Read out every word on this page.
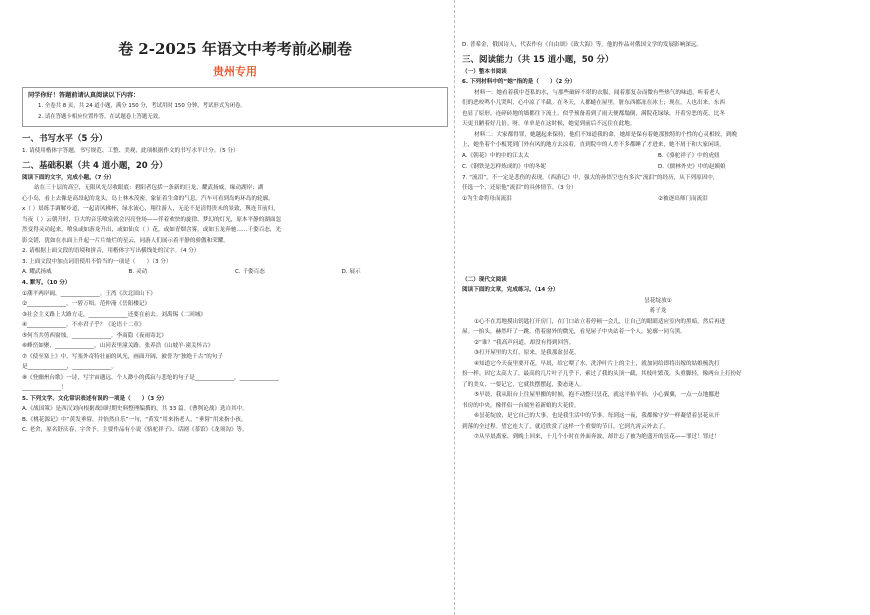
卷 2-2025 年语文中考考前必刷卷
贵州专用
同学你好！答题前请认真阅读以下内容：
1. 全卷共 8 页，共 24 道小题，满分 150 分，考试用时 150 分钟，考试形式为闭卷。
2. 请在答题卡相应位置作答，在试题卷上答题无效。
一、书写水平（5 分）
1. 请使用楷体字答题，书写规范、工整、美观，此项根据作文的书写水平计分。（5 分）
二、基础积累（共 4 道小题，20 分）
阅读下面的文字，完成小题。（7 分）
站在三十层的高空，无限风光尽收眼底：碧阳者包括一条新的巨龙，耀武扬威，缘动湖岸；湖
心小岛，看上去像是高昂起的龙头，岛上林木茂密，象征着生命的气息。汽车可看到岛屿环岛的轮廓，
x（ ）晨练手调解步道，一起清风拂杯，绿水流心，翔往游人，无论不是清得贵未的景致，舆连节前归，
当夜（ ）云朝升时，巨大的音乐喷泉就会闪亮登场——伴着欢快的旋律、梦幻的灯光，原本平静的湖面忽
然变得灵动起来，喷泉或如游龙升出，或如仙女（ ）花，或如青烟含雾，或如玉龙奔驰……千姿百态，光
影交错，犹如在水面上升起一片片灿烂的星云，同游人们展示着平静的骄傲和荣耀。
2. 请根据上面文段的语境和拼音，用楷体字写出横线处的汉字。（4 分）
3. 上面文段中加点词语使用不恰当的一项是（　　）（3 分）
A. 耀武扬威	B. 灵动	C. 千姿百态	D. 展示
4. 默写。（10 分）
①潮平两岸阔，______________。王湾《次北固山下》
②______________，一碧万顷。范仲淹《岳阳楼记》
③社会主义路上大路方走，______________还要在前去。刘禹锡《二回城》
④______________，不亦君子乎？《论语十二章》
⑤何当共剪西窗烛，______________。李商隐《夜雨寄北》
⑥峰峦如聚，______________，山河表里潼关路。张养浩《山坡羊·潼关怀古》
⑦《使至塞上》中，写塞外奇特壮丽的风光，画面开阔，被誉为“独绝千古”的句子
是______________，______________。
⑧《登幽州台歌》一诗，写宇宙邈远、个人渺小的孤寂与悲怆的句子是______________，______________
______________！
5. 下列文学、文化常识表述有误的一项是（　　）（3 分）
A.《战国策》是西汉刘向根据战国时期史料整理编撰的，共 33 篇。《曹刿论战》选自其中。
B.《桃花源记》中“黄发垂髫，并怡然自乐”一句，“黄发”用来指老人，“垂髫”用来指小孩。
C. 老舍，原名舒庆春，字舍予。主要作品有小说《骆驼祥子》、话剧《茶馆》《龙须沟》等。
D. 普希金，俄国诗人，代表作有《自由颂》《致大海》等。他的作品对俄国文学的发展影响深远。
三、阅读能力（共 15 道小题，50 分）
（一）整本书阅读
6. 下列材料中的“她”指的是（　　）（2 分）
材料一：她看着我中苍私的水，与那些破碎不堪的衣服，闻着那复杂而微有些热气的味道，听着老人
们的恶咬鸣小儿哭叫，心中凉了半截。在冬天，人都蜷在屋里，脏东西都冻在冰上；现在，人也出来，东西
也显了原形，连碎砖地的墙都往下流土，似乎预备着到了雨天便都塌倒，满院花绿绿，开着穷恶的花，比冬
天更丑陋着好几倍。呀，单单是在这时候，她觉到前后不远住在此地。
材料二：大家都得罪，她越起来保持，他们不知道我的命，她却是保有着她那独特的个性的心灵相较，到晚
上，她坐着个小板凳到门外有风的地方去凉着，直到院中的人差不多都睡了才进来，她不屑于和大家闲谈。
A.《朝花》中的中的江太太	B.《骆驼祥子》中的虎妞
C.《钢铁是怎样炼成的》中的冬妮	D.《儒林外史》中的赵姨娘
7. “流泪”，不一定是悲伤的表现。《西游记》中，强大的孙悟空也有多次“流泪”的经历，从下列原因中，
任选一个，还原他“流泪”的具体情节。（3 分）
①为生命将母而流泪	②被逐出师门而流泪
（二）现代文阅读
阅读下面的文章，完成练习。（14 分）
昙花绽放①
蒋子龙
①心不在焉地摸出钥匙打开房门，在门口站立着停顿一会儿，让自己的眼睛适应室内的黑暗，然后再进
屋。一抬头，赫然吓了一跳，借着窗外的微光，看见屋子中央站着一个人，轮廓一同乌黑。
②“谁？”我高声问道，却没有得到回答。
③打开屋里的大灯，原来，是我那盆昙花。
④知道它今天夜里要开花，早晨，给它喂了水，洗净叶片上的尘土，就加同给即将出嫁的姑娘梳洗打
扮一样。因它太高大了，最高的几片叶子几乎下，索过了我的头顶一截，其枝叶繁茂，头重脚轻，像两台上打扮好
了的美女，一要记它，它就扶摆摆起，姿态迷人。
⑤早晨，我从阳台上往屋里搬的时候，抱不动整只昙花，就这平抬平抬，小心翼翼，一点一点地挪进
书房的中央，像伴侣一台端坐着新娘的大花轿。
⑥昙花绽放，是它自己的大事，也是我生活中的节事，每到这一夜，我都像守岁一样凝望着昙花从开
到落的全过程。望它连大了，就近欣赏了这样一个重要的节日，它到九霄云外去了。
⑦从早晨离家，到晚上回来，十几个小时在外面奔波，却许忘了被为绝盛开的昙花——罪过！罪过！
